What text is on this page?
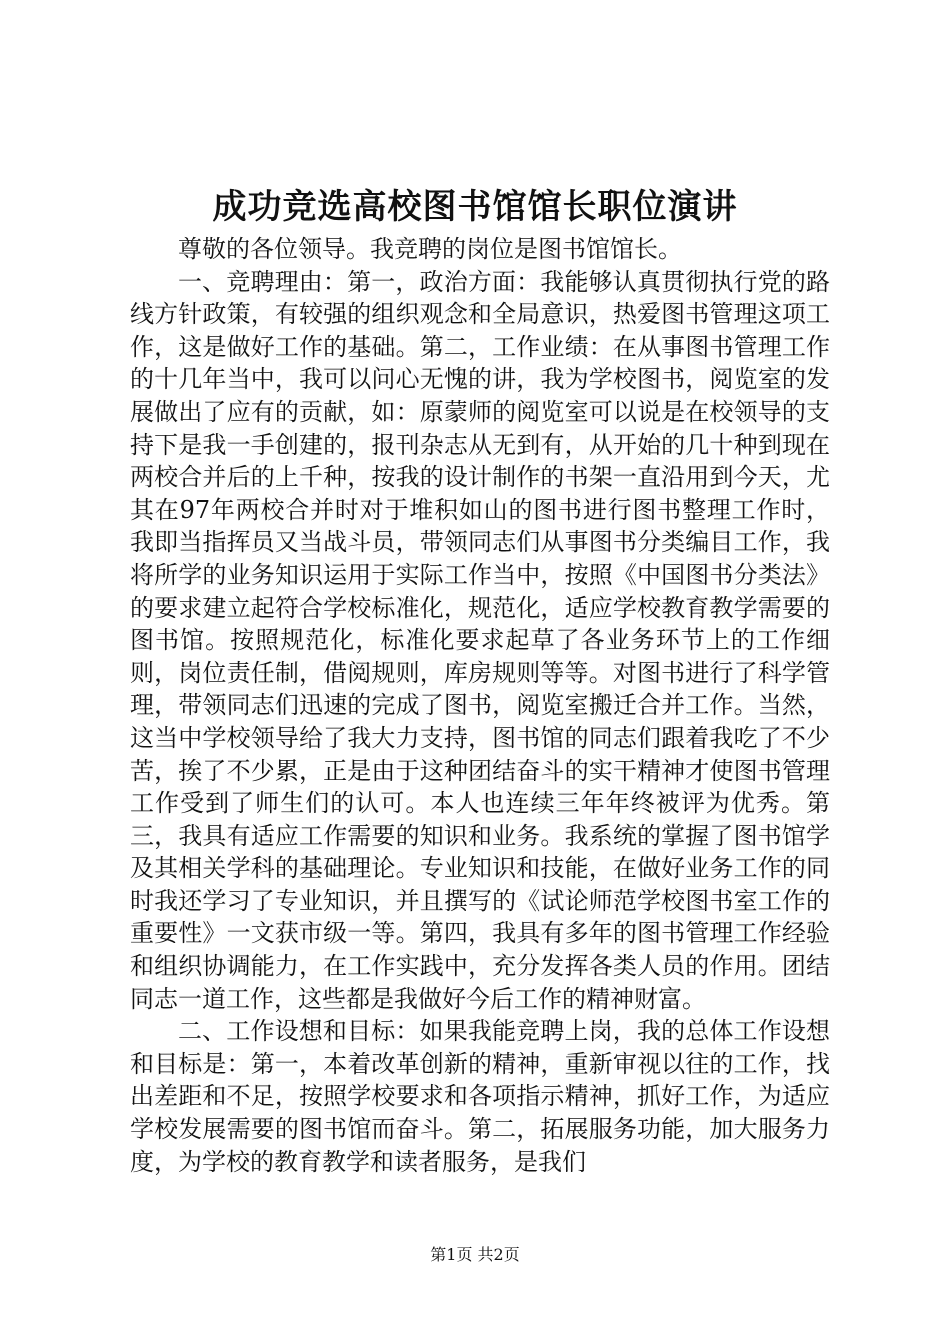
成功竞选高校图书馆馆长职位演讲

尊敬的各位领导。我竞聘的岗位是图书馆馆长。

一、竞聘理由：第一，政治方面：我能够认真贯彻执行党的路线方针政策，有较强的组织观念和全局意识，热爱图书管理这项工作，这是做好工作的基础。第二，工作业绩：在从事图书管理工作的十几年当中，我可以问心无愧的讲，我为学校图书，阅览室的发展做出了应有的贡献，如：原蒙师的阅览室可以说是在校领导的支持下是我一手创建的，报刊杂志从无到有，从开始的几十种到现在两校合并后的上千种，按我的设计制作的书架一直沿用到今天，尤其在97年两校合并时对于堆积如山的图书进行图书整理工作时，我即当指挥员又当战斗员，带领同志们从事图书分类编目工作，我将所学的业务知识运用于实际工作当中，按照《中国图书分类法》的要求建立起符合学校标准化，规范化，适应学校教育教学需要的图书馆。按照规范化，标准化要求起草了各业务环节上的工作细则，岗位责任制，借阅规则，库房规则等等。对图书进行了科学管理，带领同志们迅速的完成了图书，阅览室搬迁合并工作。当然，这当中学校领导给了我大力支持，图书馆的同志们跟着我吃了不少苦，挨了不少累，正是由于这种团结奋斗的实干精神才使图书管理工作受到了师生们的认可。本人也连续三年年终被评为优秀。第三，我具有适应工作需要的知识和业务。我系统的掌握了图书馆学及其相关学科的基础理论。专业知识和技能，在做好业务工作的同时我还学习了专业知识，并且撰写的《试论师范学校图书室工作的重要性》一文获市级一等。第四，我具有多年的图书管理工作经验和组织协调能力，在工作实践中，充分发挥各类人员的作用。团结同志一道工作，这些都是我做好今后工作的精神财富。

二、工作设想和目标：如果我能竞聘上岗，我的总体工作设想和目标是：第一，本着改革创新的精神，重新审视以往的工作，找出差距和不足，按照学校要求和各项指示精神，抓好工作，为适应学校发展需要的图书馆而奋斗。第二，拓展服务功能，加大服务力度，为学校的教育教学和读者服务，是我们

第1页 共2页
